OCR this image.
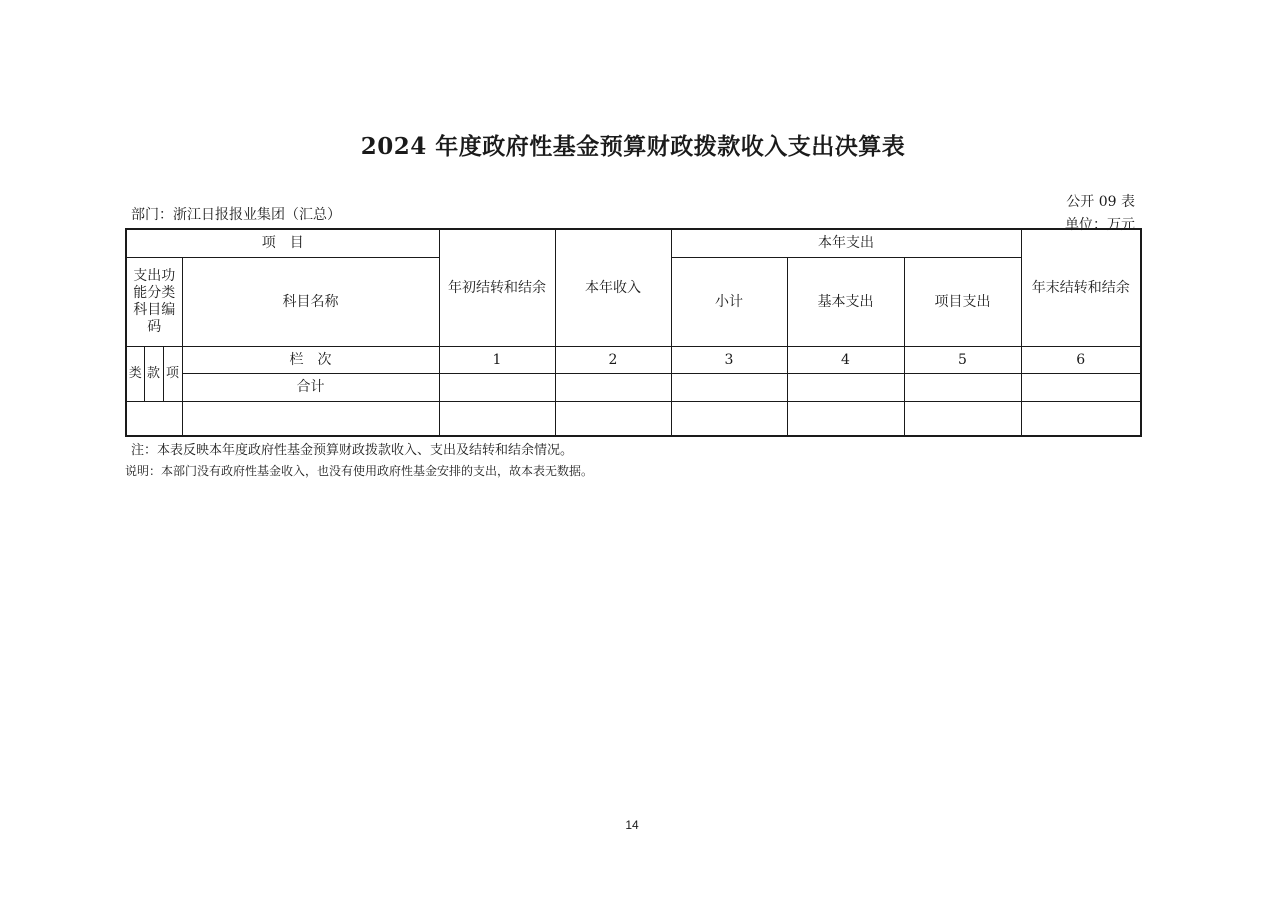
2024 年度政府性基金预算财政拨款收入支出决算表
公开 09 表
部门：浙江日报报业集团（汇总）
单位：万元
项　目				年初结转和结余	本年收入	本年支出			年末结转和结余
支出功能分类科目编码			科目名称			小计	基本支出	项目支出	
类	款	项	栏　次	1	2	3	4	5	6
			合计						

注：本表反映本年度政府性基金预算财政拨款收入、支出及结转和结余情况。
说明：本部门没有政府性基金收入，也没有使用政府性基金安排的支出，故本表无数据。
14
